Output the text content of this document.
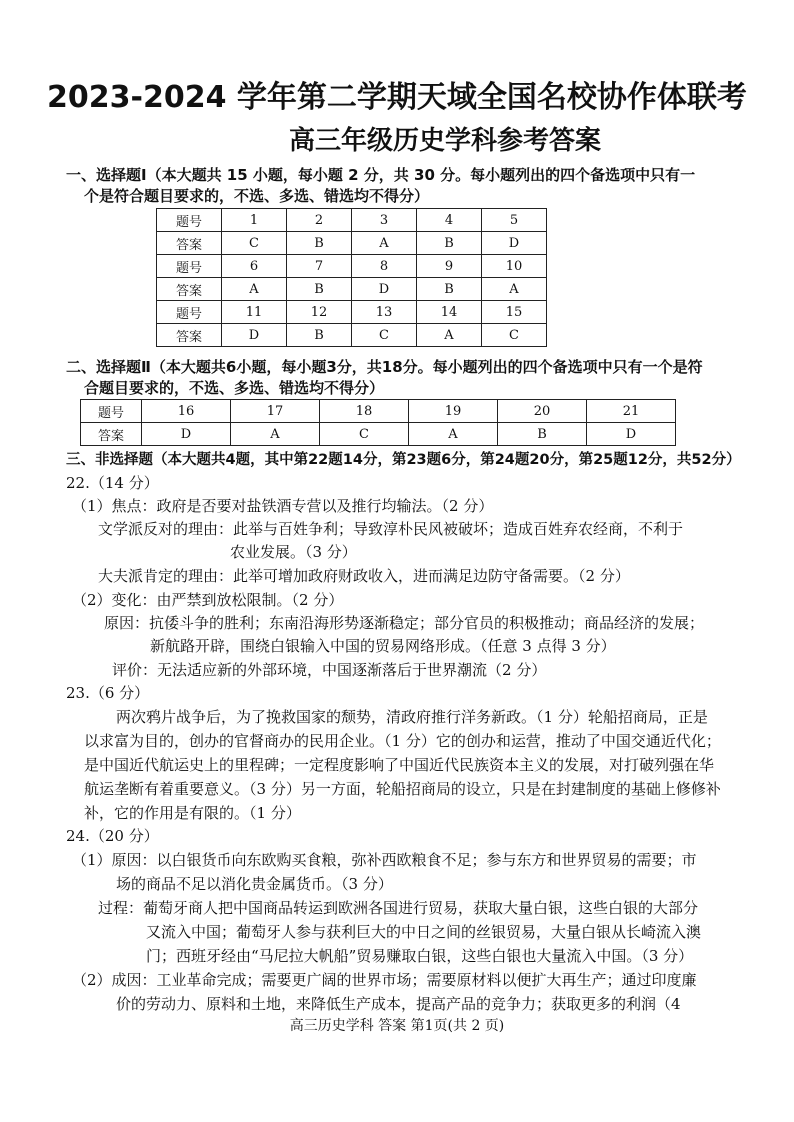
2023-2024 学年第二学期天域全国名校协作体联考
高三年级历史学科参考答案
一、选择题Ⅰ（本大题共 15 小题，每小题 2 分，共 30 分。每小题列出的四个备选项中只有一
个是符合题目要求的，不选、多选、错选均不得分）
题号	1	2	3	4	5
答案	C	B	A	B	D
题号	6	7	8	9	10
答案	A	B	D	B	A
题号	11	12	13	14	15
答案	D	B	C	A	C
二、选择题Ⅱ（本大题共6小题，每小题3分，共18分。每小题列出的四个备选项中只有一个是符
合题目要求的，不选、多选、错选均不得分）
题号	16	17	18	19	20	21
答案	D	A	C	A	B	D
三、非选择题（本大题共4题，其中第22题14分，第23题6分，第24题20分，第25题12分，共52分）
22.（14 分）
（1）焦点：政府是否要对盐铁酒专营以及推行均输法。（2 分）
文学派反对的理由：此举与百姓争利；导致淳朴民风被破坏；造成百姓弃农经商，不利于
农业发展。（3 分）
大夫派肯定的理由：此举可增加政府财政收入，进而满足边防守备需要。（2 分）
（2）变化：由严禁到放松限制。（2 分）
原因：抗倭斗争的胜利；东南沿海形势逐渐稳定；部分官员的积极推动；商品经济的发展；
新航路开辟，围绕白银输入中国的贸易网络形成。（任意 3 点得 3 分）
评价：无法适应新的外部环境，中国逐渐落后于世界潮流（2 分）
23.（6 分）
两次鸦片战争后，为了挽救国家的颓势，清政府推行洋务新政。（1 分）轮船招商局，正是
以求富为目的，创办的官督商办的民用企业。（1 分）它的创办和运营，推动了中国交通近代化；
是中国近代航运史上的里程碑；一定程度影响了中国近代民族资本主义的发展，对打破列强在华
航运垄断有着重要意义。（3 分）另一方面，轮船招商局的设立，只是在封建制度的基础上修修补
补，它的作用是有限的。（1 分）
24.（20 分）
（1）原因：以白银货币向东欧购买食粮，弥补西欧粮食不足；参与东方和世界贸易的需要；市
场的商品不足以消化贵金属货币。（3 分）
过程：葡萄牙商人把中国商品转运到欧洲各国进行贸易，获取大量白银，这些白银的大部分
又流入中国；葡萄牙人参与获利巨大的中日之间的丝银贸易，大量白银从长崎流入澳
门；西班牙经由“马尼拉大帆船”贸易赚取白银，这些白银也大量流入中国。（3 分）
（2）成因：工业革命完成；需要更广阔的世界市场；需要原材料以便扩大再生产；通过印度廉
价的劳动力、原料和土地，来降低生产成本，提高产品的竞争力；获取更多的利润（4
高三历史学科 答案 第1页(共 2 页)
